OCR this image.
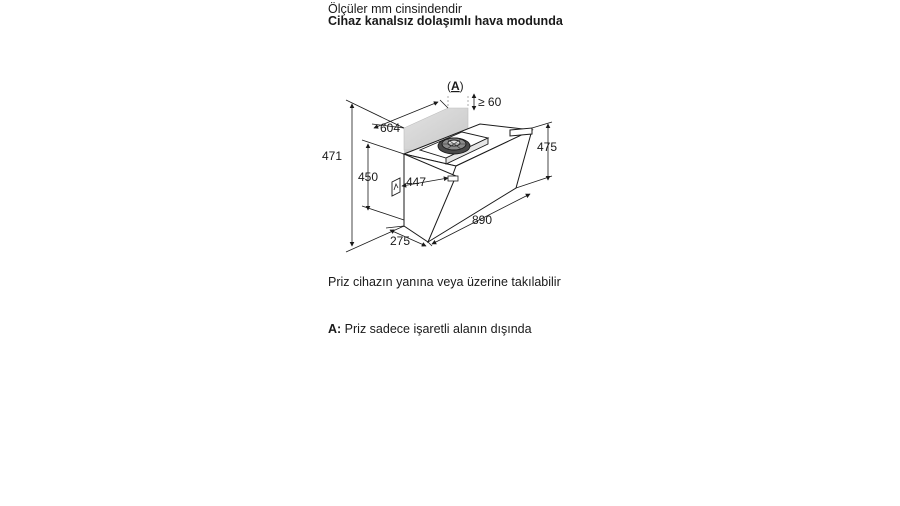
Ölçüler mm cinsindendir
Cihaz kanalsız dolaşımlı hava modunda
(A)
≥ 60
604
471
450 447
475
890
275
Priz cihazın yanına veya üzerine takılabilir
A: Priz sadece işaretli alanın dışında
